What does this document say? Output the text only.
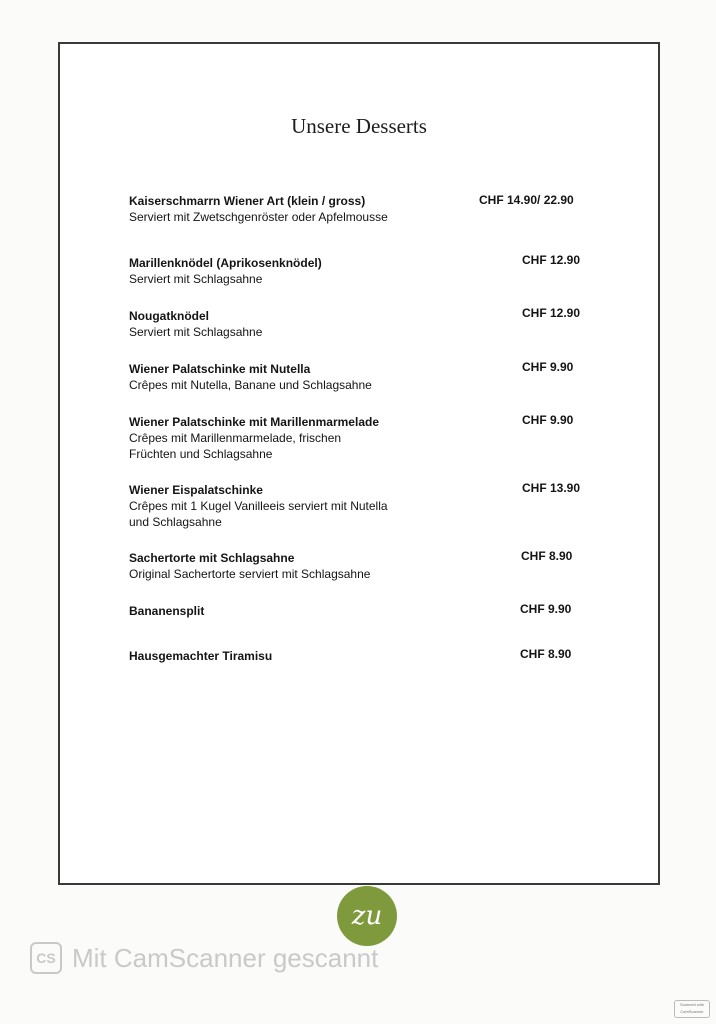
Unsere Desserts
Kaiserschmarrn Wiener Art (klein / gross)
Serviert mit Zwetschgenröster oder Apfelmousse
CHF 14.90/ 22.90
Marillenknödel (Aprikosenknödel)
Serviert mit Schlagsahne
CHF 12.90
Nougatknödel
Serviert mit Schlagsahne
CHF 12.90
Wiener Palatschinke mit Nutella
Crêpes mit Nutella, Banane und Schlagsahne
CHF 9.90
Wiener Palatschinke mit Marillenmarmelade
Crêpes mit Marillenmarmelade, frischen
Früchten und Schlagsahne
CHF 9.90
Wiener Eispalatschinke
Crêpes mit 1 Kugel Vanilleeis serviert mit Nutella
und Schlagsahne
CHF 13.90
Sachertorte mit Schlagsahne
Original Sachertorte serviert mit Schlagsahne
CHF 8.90
Bananensplit	CHF 9.90
Hausgemachter Tiramisu	CHF 8.90
zu
CS Mit CamScanner gescannt
Scanned with
CamScanner
